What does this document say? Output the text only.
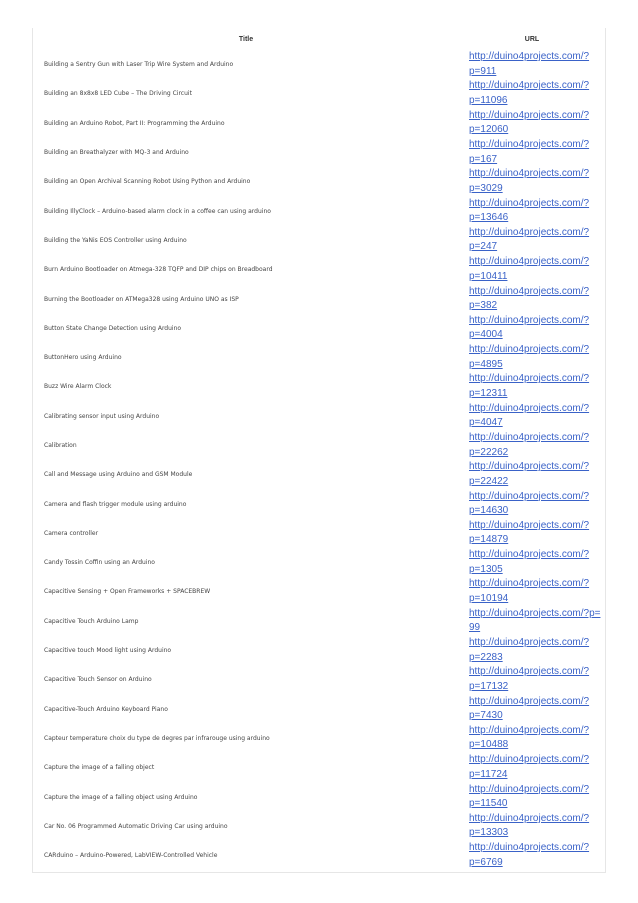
Title	URL
Building a Sentry Gun with Laser Trip Wire System and Arduino	http://duino4projects.com/?
p=911

Building an 8x8x8 LED Cube – The Driving Circuit	http://duino4projects.com/?
p=11096

Building an Arduino Robot, Part II: Programming the Arduino	http://duino4projects.com/?
p=12060

Building an Breathalyzer with MQ-3 and Arduino	http://duino4projects.com/?
p=167

Building an Open Archival Scanning Robot Using Python and Arduino	http://duino4projects.com/?
p=3029

Building IllyClock – Arduino-based alarm clock in a coffee can using arduino	http://duino4projects.com/?
p=13646

Building the YaNis EOS Controller using Arduino	http://duino4projects.com/?
p=247

Burn Arduino Bootloader on Atmega-328 TQFP and DIP chips on Breadboard	http://duino4projects.com/?
p=10411

Burning the Bootloader on ATMega328 using Arduino UNO as ISP	http://duino4projects.com/?
p=382

Button State Change Detection using Arduino	http://duino4projects.com/?
p=4004

ButtonHero using Arduino	http://duino4projects.com/?
p=4895

Buzz Wire Alarm Clock	http://duino4projects.com/?
p=12311

Calibrating sensor input using Arduino	http://duino4projects.com/?
p=4047

Calibration	http://duino4projects.com/?
p=22262

Call and Message using Arduino and GSM Module	http://duino4projects.com/?
p=22422

Camera and flash trigger module using arduino	http://duino4projects.com/?
p=14630

Camera controller	http://duino4projects.com/?
p=14879

Candy Tossin Coffin using an Arduino	http://duino4projects.com/?
p=1305

Capacitive Sensing + Open Frameworks + SPACEBREW	http://duino4projects.com/?
p=10194

Capacitive Touch Arduino Lamp	http://duino4projects.com/?p=99

Capacitive touch Mood light using Arduino	http://duino4projects.com/?
p=2283

Capacitive Touch Sensor on Arduino	http://duino4projects.com/?
p=17132

Capacitive-Touch Arduino Keyboard Piano	http://duino4projects.com/?
p=7430

Capteur temperature choix du type de degres par infrarouge using arduino	http://duino4projects.com/?
p=10488

Capture the image of a falling object	http://duino4projects.com/?
p=11724

Capture the image of a falling object using Arduino	http://duino4projects.com/?
p=11540

Car No. 06 Programmed Automatic Driving Car using arduino	http://duino4projects.com/?
p=13303

CARduino – Arduino-Powered, LabVIEW-Controlled Vehicle	http://duino4projects.com/?
p=6769
